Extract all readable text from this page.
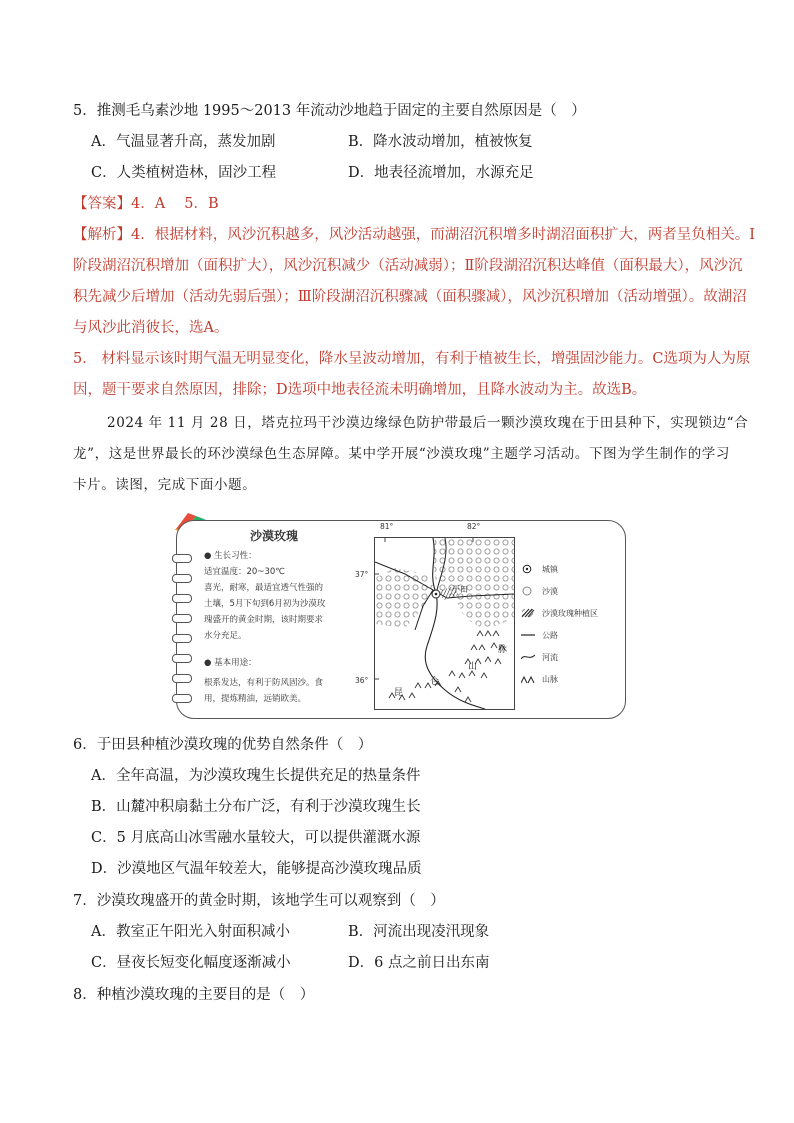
5．推测毛乌素沙地 1995～2013 年流动沙地趋于固定的主要自然原因是（　）
A．气温显著升高，蒸发加剧	B．降水波动增加，植被恢复
C．人类植树造林，固沙工程	D．地表径流增加，水源充足
【答案】4．A　 5．B
【解析】4．根据材料，风沙沉积越多，风沙活动越强，而湖沼沉积增多时湖沼面积扩大，两者呈负相关。Ⅰ
阶段湖沼沉积增加（面积扩大），风沙沉积减少（活动减弱）；Ⅱ阶段湖沼沉积达峰值（面积最大），风沙沉
积先减少后增加（活动先弱后强）；Ⅲ阶段湖沼沉积骤减（面积骤减），风沙沉积增加（活动增强）。故湖沼
与风沙此消彼长，选A。
5． 材料显示该时期气温无明显变化，降水呈波动增加，有利于植被生长，增强固沙能力。C选项为人为原
因，题干要求自然原因，排除；D选项中地表径流未明确增加，且降水波动为主。故选B。
2024 年 11 月 28 日，塔克拉玛干沙漠边缘绿色防护带最后一颗沙漠玫瑰在于田县种下，实现锁边“合
龙”，这是世界最长的环沙漠绿色生态屏障。某中学开展“沙漠玫瑰”主题学习活动。下图为学生制作的学习
卡片。读图，完成下面小题。
沙漠玫瑰
● 生长习性：
适宜温度：20~30℃
喜光，耐寒，最适宜透气性强的
土壤，5月下旬到6月初为沙漠玫
瑰盛开的黄金时期，该时期要求
水分充足。
● 基本用途：
根系发达，有利于防风固沙。食
用，提炼精油，远销欧美。
81°	82°
37°
36°
于田
昆
仑
山
脉
城镇
沙漠
沙漠玫瑰种植区
公路
河流
山脉
6．于田县种植沙漠玫瑰的优势自然条件（　）
A．全年高温，为沙漠玫瑰生长提供充足的热量条件
B．山麓冲积扇黏土分布广泛，有利于沙漠玫瑰生长
C．5 月底高山冰雪融水量较大，可以提供灌溉水源
D．沙漠地区气温年较差大，能够提高沙漠玫瑰品质
7．沙漠玫瑰盛开的黄金时期，该地学生可以观察到（　）
A．教室正午阳光入射面积减小	B．河流出现凌汛现象
C．昼夜长短变化幅度逐渐减小	D．6 点之前日出东南
8．种植沙漠玫瑰的主要目的是（　）
